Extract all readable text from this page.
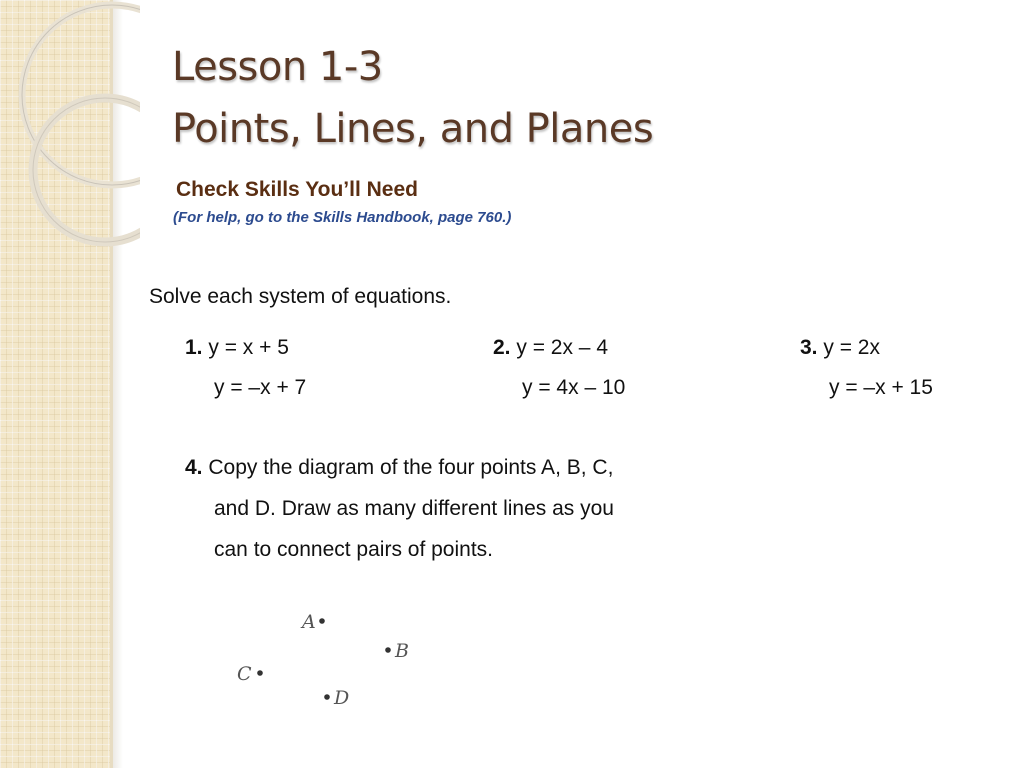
Lesson 1-3
Points, Lines, and Planes
Check Skills You’ll Need
(For help, go to the Skills Handbook, page 760.)
Solve each system of equations.
1. y = x + 5
y = –x + 7
2. y = 2x – 4
y = 4x – 10
3. y = 2x
y = –x + 15
4. Copy the diagram of the four points A, B, C,
and D. Draw as many different lines as you
can to connect pairs of points.
A
B
C
D
